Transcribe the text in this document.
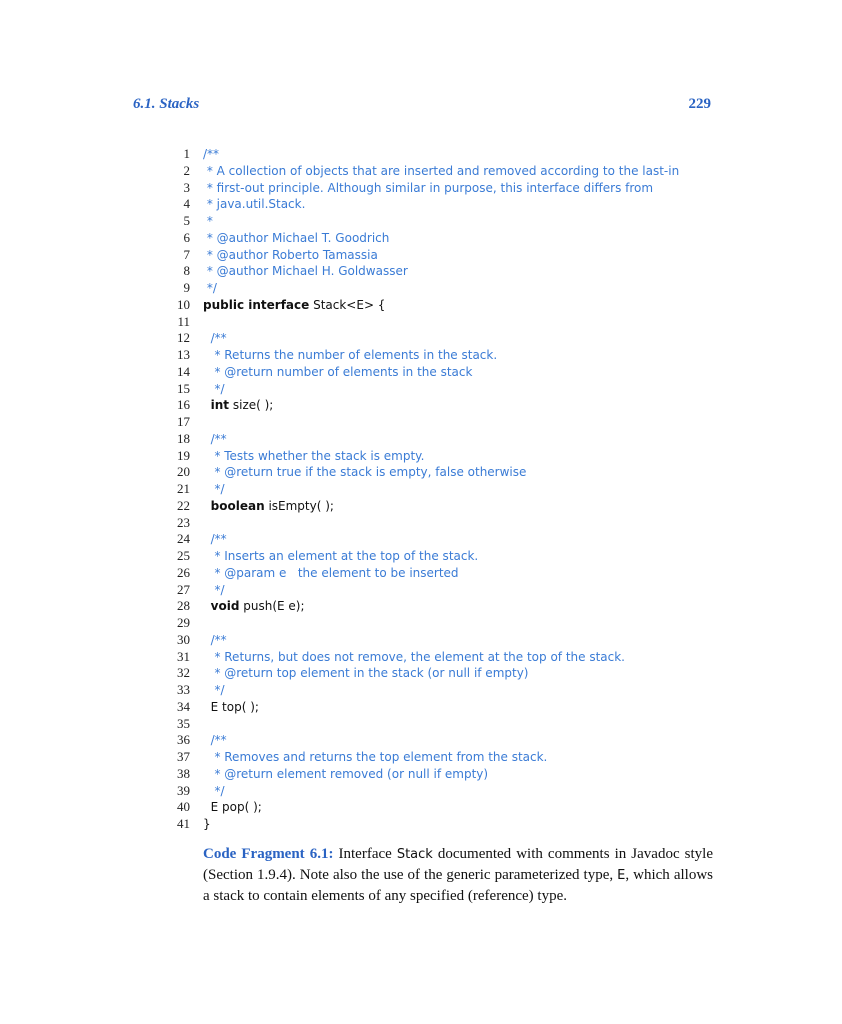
6.1. Stacks	229
1 /**
2 * A collection of objects that are inserted and removed according to the last-in
3 * first-out principle. Although similar in purpose, this interface differs from
4 * java.util.Stack.
5 *
6 * @author Michael T. Goodrich
7 * @author Roberto Tamassia
8 * @author Michael H. Goldwasser
9 */
10 public interface Stack<E> {
11
12 /**
13 * Returns the number of elements in the stack.
14 * @return number of elements in the stack
15 */
16	int size( );
17
18 /**
19 * Tests whether the stack is empty.
20 * @return true if the stack is empty, false otherwise
21 */
22	boolean isEmpty( );
23
24 /**
25 * Inserts an element at the top of the stack.
26 * @param e   the element to be inserted
27 */
28	void push(E e);
29
30 /**
31 * Returns, but does not remove, the element at the top of the stack.
32 * @return top element in the stack (or null if empty)
33 */
34	E top( );
35
36 /**
37 * Removes and returns the top element from the stack.
38 * @return element removed (or null if empty)
39 */
40	E pop( );
41 }
Code Fragment 6.1: Interface Stack documented with comments in Javadoc style (Section 1.9.4). Note also the use of the generic parameterized type, E, which allows a stack to contain elements of any specified (reference) type.
